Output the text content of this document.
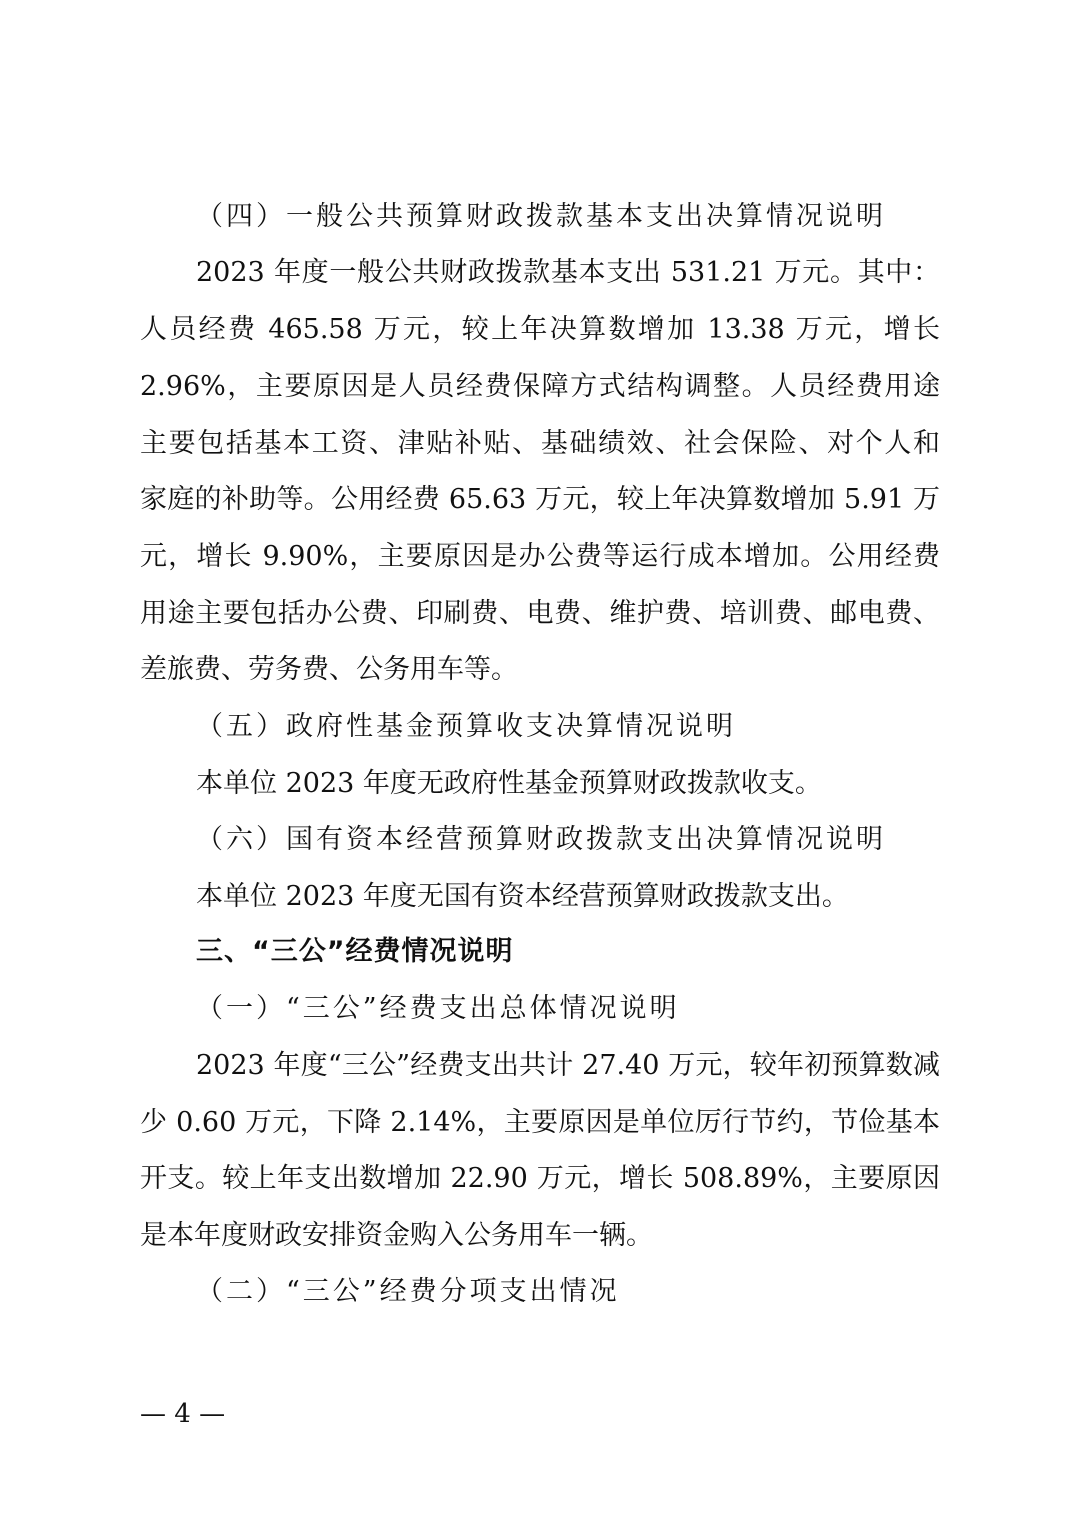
（四）一般公共预算财政拨款基本支出决算情况说明
2023 年度一般公共财政拨款基本支出 531.21 万元。其中：
人员经费 465.58 万元，较上年决算数增加 13.38 万元，增长
2.96%，主要原因是人员经费保障方式结构调整。人员经费用途
主要包括基本工资、津贴补贴、基础绩效、社会保险、对个人和
家庭的补助等。公用经费 65.63 万元，较上年决算数增加 5.91 万
元，增长 9.90%，主要原因是办公费等运行成本增加。公用经费
用途主要包括办公费、印刷费、电费、维护费、培训费、邮电费、
差旅费、劳务费、公务用车等。
（五）政府性基金预算收支决算情况说明
本单位 2023 年度无政府性基金预算财政拨款收支。
（六）国有资本经营预算财政拨款支出决算情况说明
本单位 2023 年度无国有资本经营预算财政拨款支出。
三、“三公”经费情况说明
（一）“三公”经费支出总体情况说明
2023 年度“三公”经费支出共计 27.40 万元，较年初预算数减
少 0.60 万元，下降 2.14%，主要原因是单位厉行节约，节俭基本
开支。较上年支出数增加 22.90 万元，增长 508.89%，主要原因
是本年度财政安排资金购入公务用车一辆。
（二）“三公”经费分项支出情况
— 4 —
